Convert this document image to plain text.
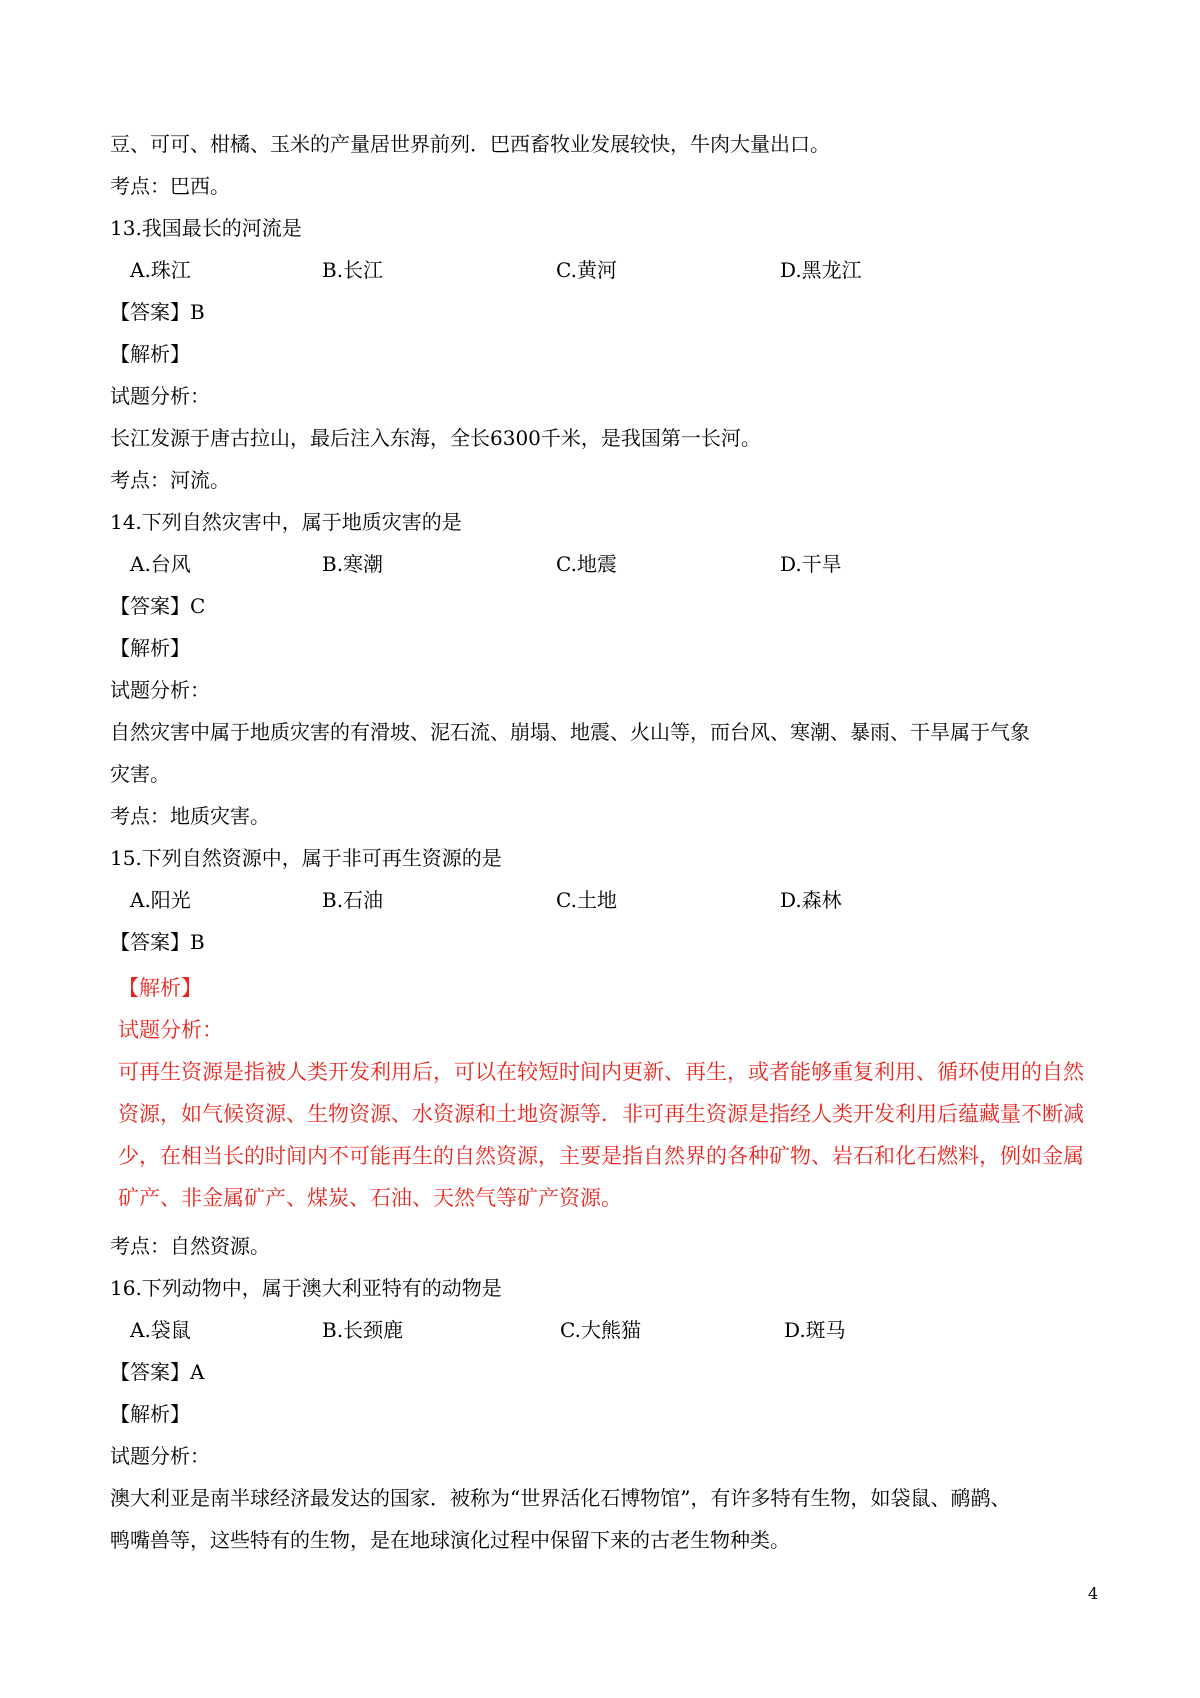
豆、可可、柑橘、玉米的产量居世界前列．巴西畜牧业发展较快，牛肉大量出口。
考点：巴西。
13.我国最长的河流是
A.珠江	B.长江	C.黄河	D.黑龙江
【答案】B
【解析】
试题分析：
长江发源于唐古拉山，最后注入东海，全长6300千米，是我国第一长河。
考点：河流。
14.下列自然灾害中，属于地质灾害的是
A.台风	B.寒潮	C.地震	D.干旱
【答案】C
【解析】
试题分析：
自然灾害中属于地质灾害的有滑坡、泥石流、崩塌、地震、火山等，而台风、寒潮、暴雨、干旱属于气象
灾害。
考点：地质灾害。
15.下列自然资源中，属于非可再生资源的是
A.阳光	B.石油	C.土地	D.森林
【答案】B
【解析】
试题分析：
可再生资源是指被人类开发利用后，可以在较短时间内更新、再生，或者能够重复利用、循环使用的自然
资源，如气候资源、生物资源、水资源和土地资源等．非可再生资源是指经人类开发利用后蕴藏量不断减
少，在相当长的时间内不可能再生的自然资源，主要是指自然界的各种矿物、岩石和化石燃料，例如金属
矿产、非金属矿产、煤炭、石油、天然气等矿产资源。
考点：自然资源。
16.下列动物中，属于澳大利亚特有的动物是
A.袋鼠	B.长颈鹿	C.大熊猫	D.斑马
【答案】A
【解析】
试题分析：
澳大利亚是南半球经济最发达的国家．被称为“世界活化石博物馆”，有许多特有生物，如袋鼠、鸸鹋、
鸭嘴兽等，这些特有的生物，是在地球演化过程中保留下来的古老生物种类。
4
